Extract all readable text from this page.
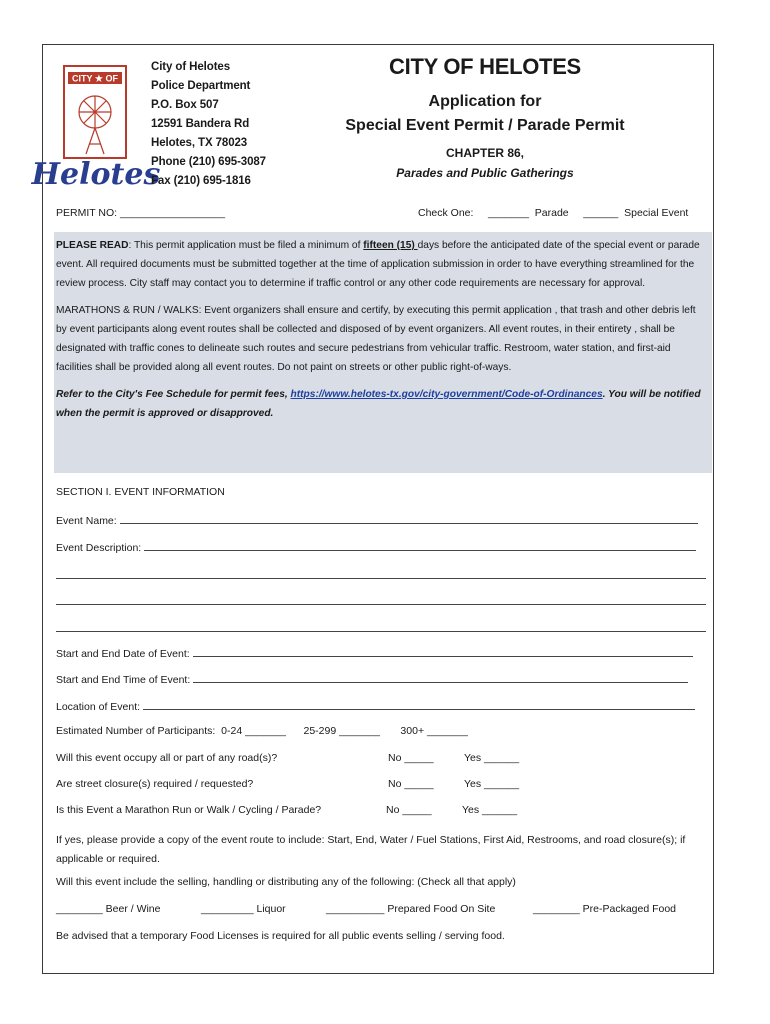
CITY ★ OF
Helotes
City of Helotes
Police Department
P.O. Box 507
12591 Bandera Rd
Helotes, TX 78023
Phone (210) 695-3087
Fax (210) 695-1816
CITY OF HELOTES
Application for
Special Event Permit / Parade Permit
CHAPTER 86,
Parades and Public Gatherings
PERMIT NO: __________________	Check One: _______ Parade ______ Special Event

PLEASE READ: This permit application must be filed a minimum of fifteen (15) days before the anticipated date of the special event or parade event. All required documents must be submitted together at the time of application submission in order to have everything streamlined for the review process. City staff may contact you to determine if traffic control or any other code requirements are necessary for approval.

MARATHONS & RUN / WALKS: Event organizers shall ensure and certify, by executing this permit application , that trash and other debris left by event participants along event routes shall be collected and disposed of by event organizers. All event routes, in their entirety , shall be designated with traffic cones to delineate such routes and secure pedestrians from vehicular traffic. Restroom, water station, and first-aid facilities shall be provided along all event routes. Do not paint on streets or other public right-of-ways.

Refer to the City's Fee Schedule for permit fees, https://www.helotes-tx.gov/city-government/Code-of-Ordinances. You will be notified when the permit is approved or disapproved.

SECTION I. EVENT INFORMATION
Event Name:
Event Description:
Start and End Date of Event:
Start and End Time of Event:
Location of Event:
Estimated Number of Participants: 0-24 _______ 25-299 _______ 300+ _______
Will this event occupy all or part of any road(s)?	No _____	Yes ______
Are street closure(s) required / requested?	No _____	Yes ______
Is this Event a Marathon Run or Walk / Cycling / Parade?	No _____	Yes ______
If yes, please provide a copy of the event route to include: Start, End, Water / Fuel Stations, First Aid, Restrooms, and road closure(s); if applicable or required.
Will this event include the selling, handling or distributing any of the following: (Check all that apply)
________ Beer / Wine	_________ Liquor	__________ Prepared Food On Site	________ Pre-Packaged Food
Be advised that a temporary Food Licenses is required for all public events selling / serving food.
